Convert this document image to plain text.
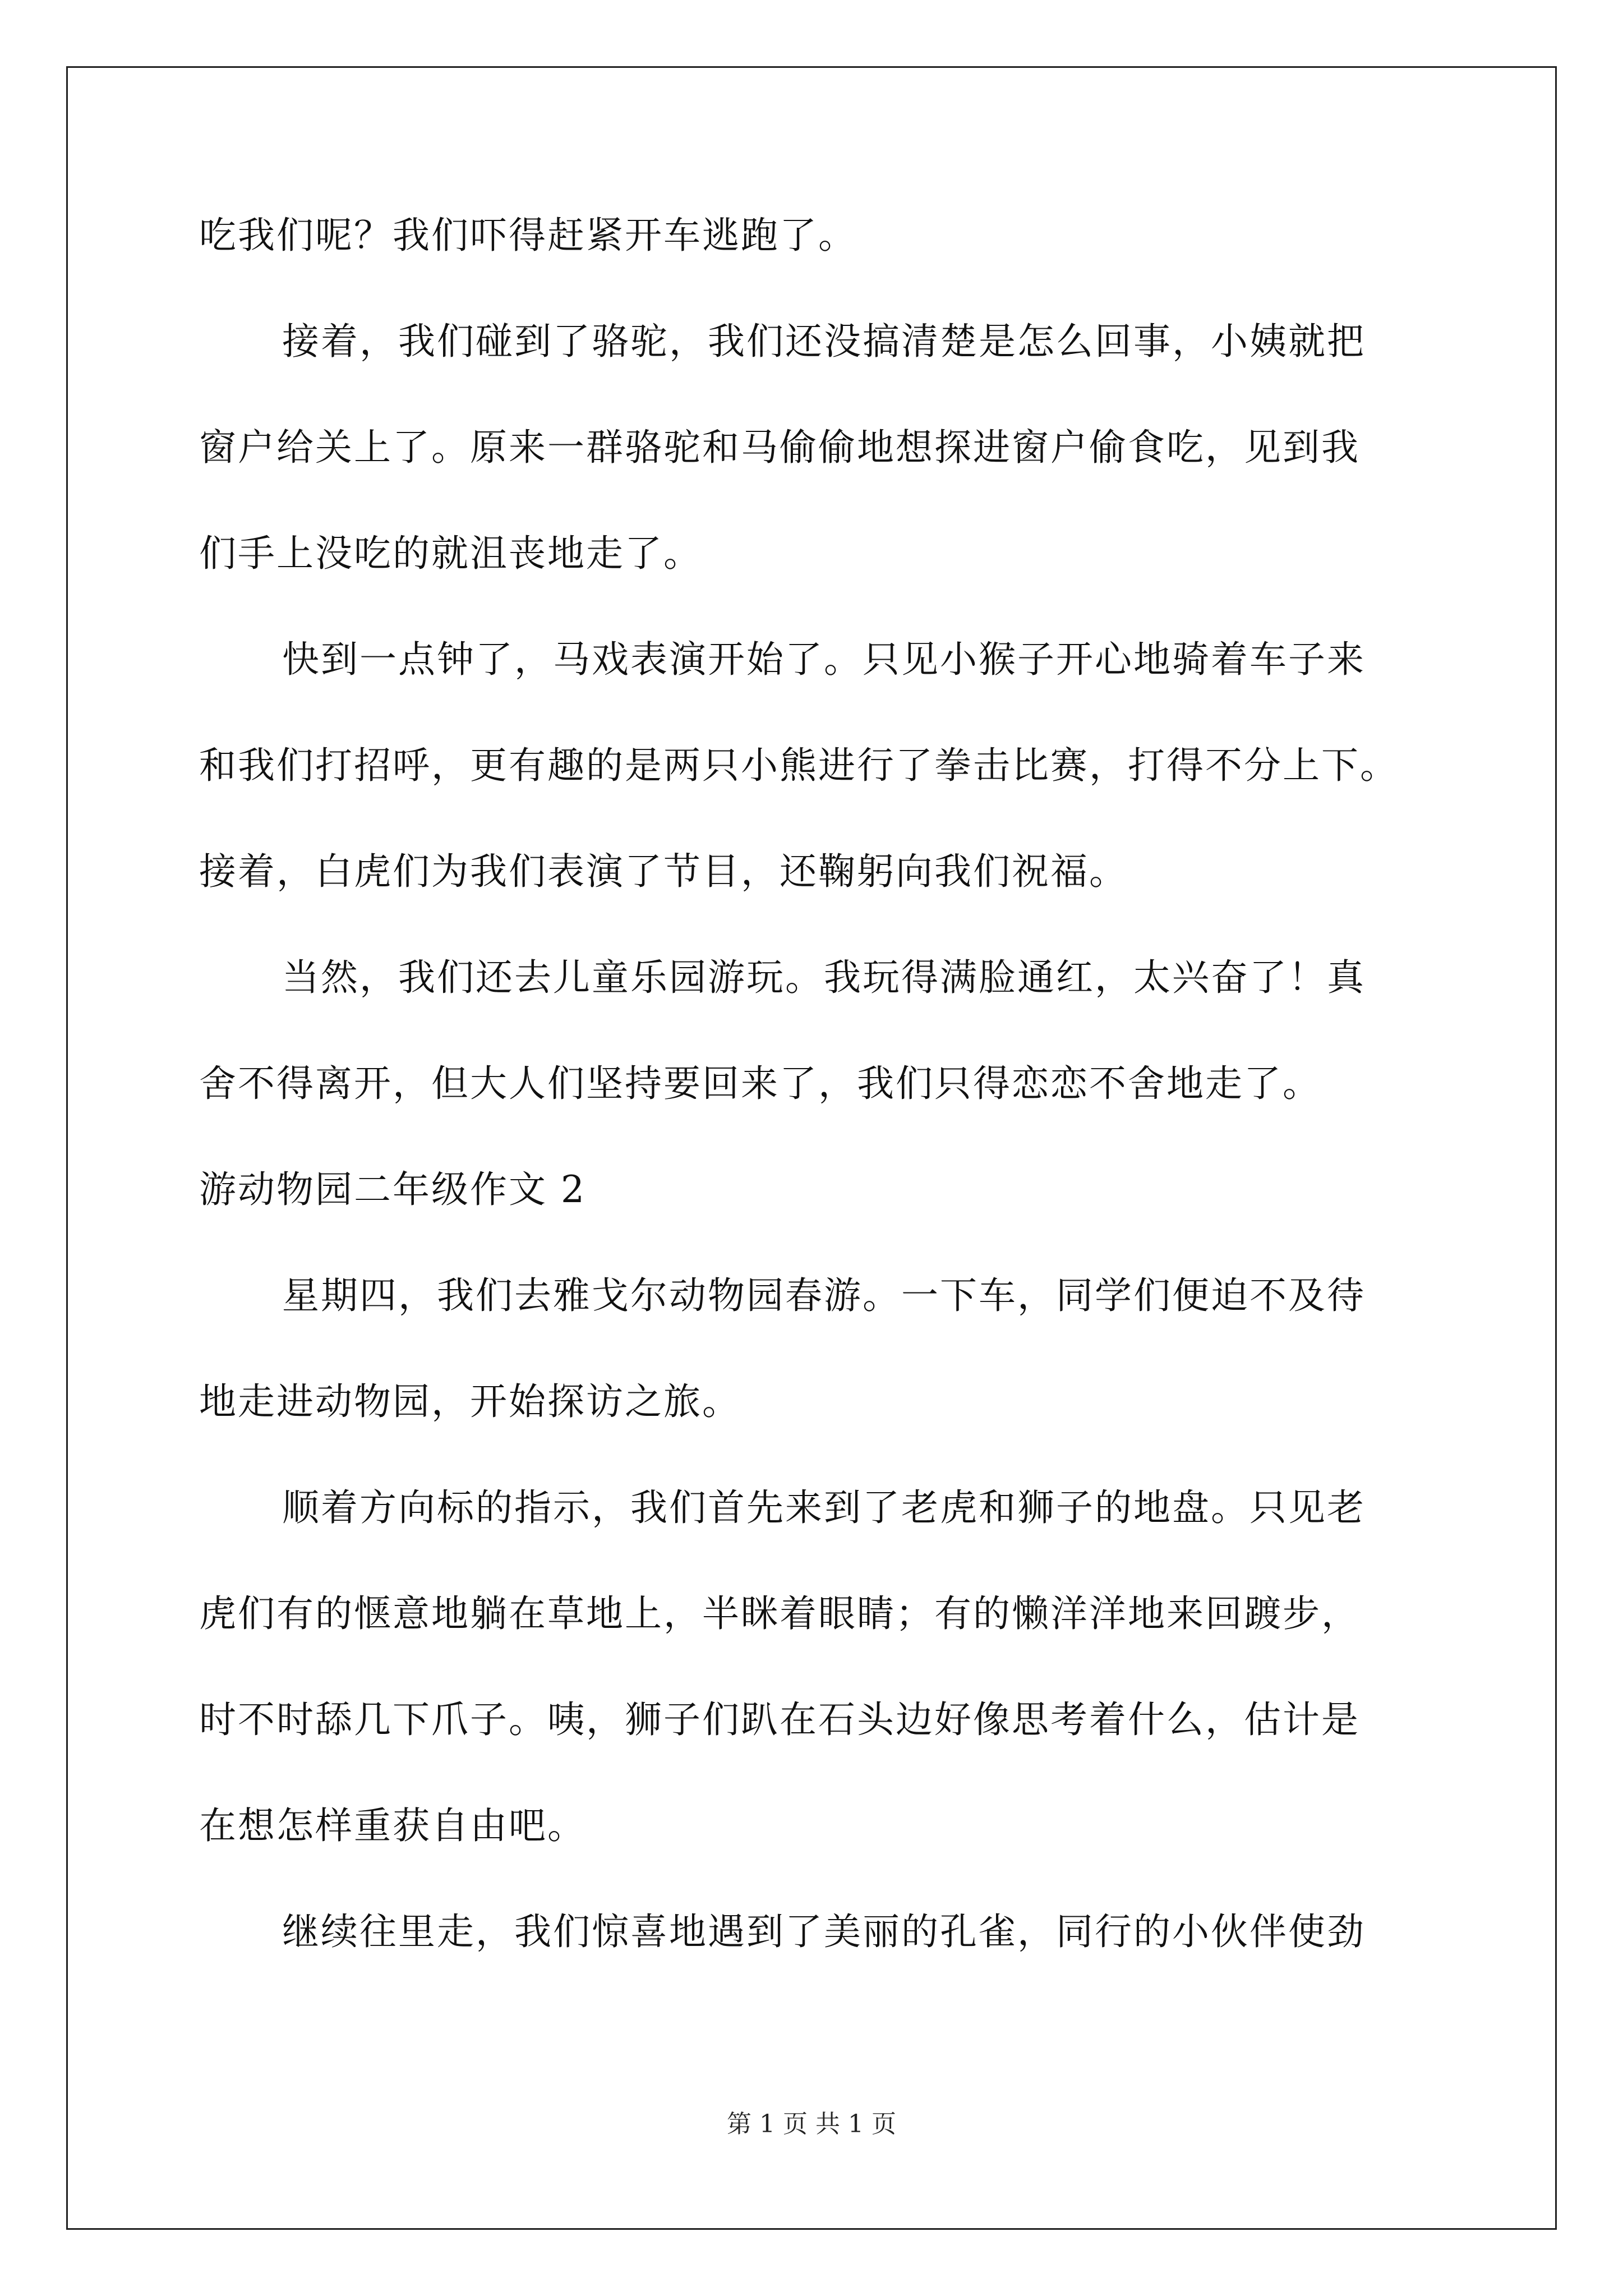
吃我们呢？我们吓得赶紧开车逃跑了。
接着，我们碰到了骆驼，我们还没搞清楚是怎么回事，小姨就把
窗户给关上了。原来一群骆驼和马偷偷地想探进窗户偷食吃，见到我
们手上没吃的就沮丧地走了。
快到一点钟了，马戏表演开始了。只见小猴子开心地骑着车子来
和我们打招呼，更有趣的是两只小熊进行了拳击比赛，打得不分上下。
接着，白虎们为我们表演了节目，还鞠躬向我们祝福。
当然，我们还去儿童乐园游玩。我玩得满脸通红，太兴奋了！真
舍不得离开，但大人们坚持要回来了，我们只得恋恋不舍地走了。
游动物园二年级作文 2
星期四，我们去雅戈尔动物园春游。一下车，同学们便迫不及待
地走进动物园，开始探访之旅。
顺着方向标的指示，我们首先来到了老虎和狮子的地盘。只见老
虎们有的惬意地躺在草地上，半眯着眼睛；有的懒洋洋地来回踱步，
时不时舔几下爪子。咦，狮子们趴在石头边好像思考着什么，估计是
在想怎样重获自由吧。
继续往里走，我们惊喜地遇到了美丽的孔雀，同行的小伙伴使劲
第 1 页 共 1 页
